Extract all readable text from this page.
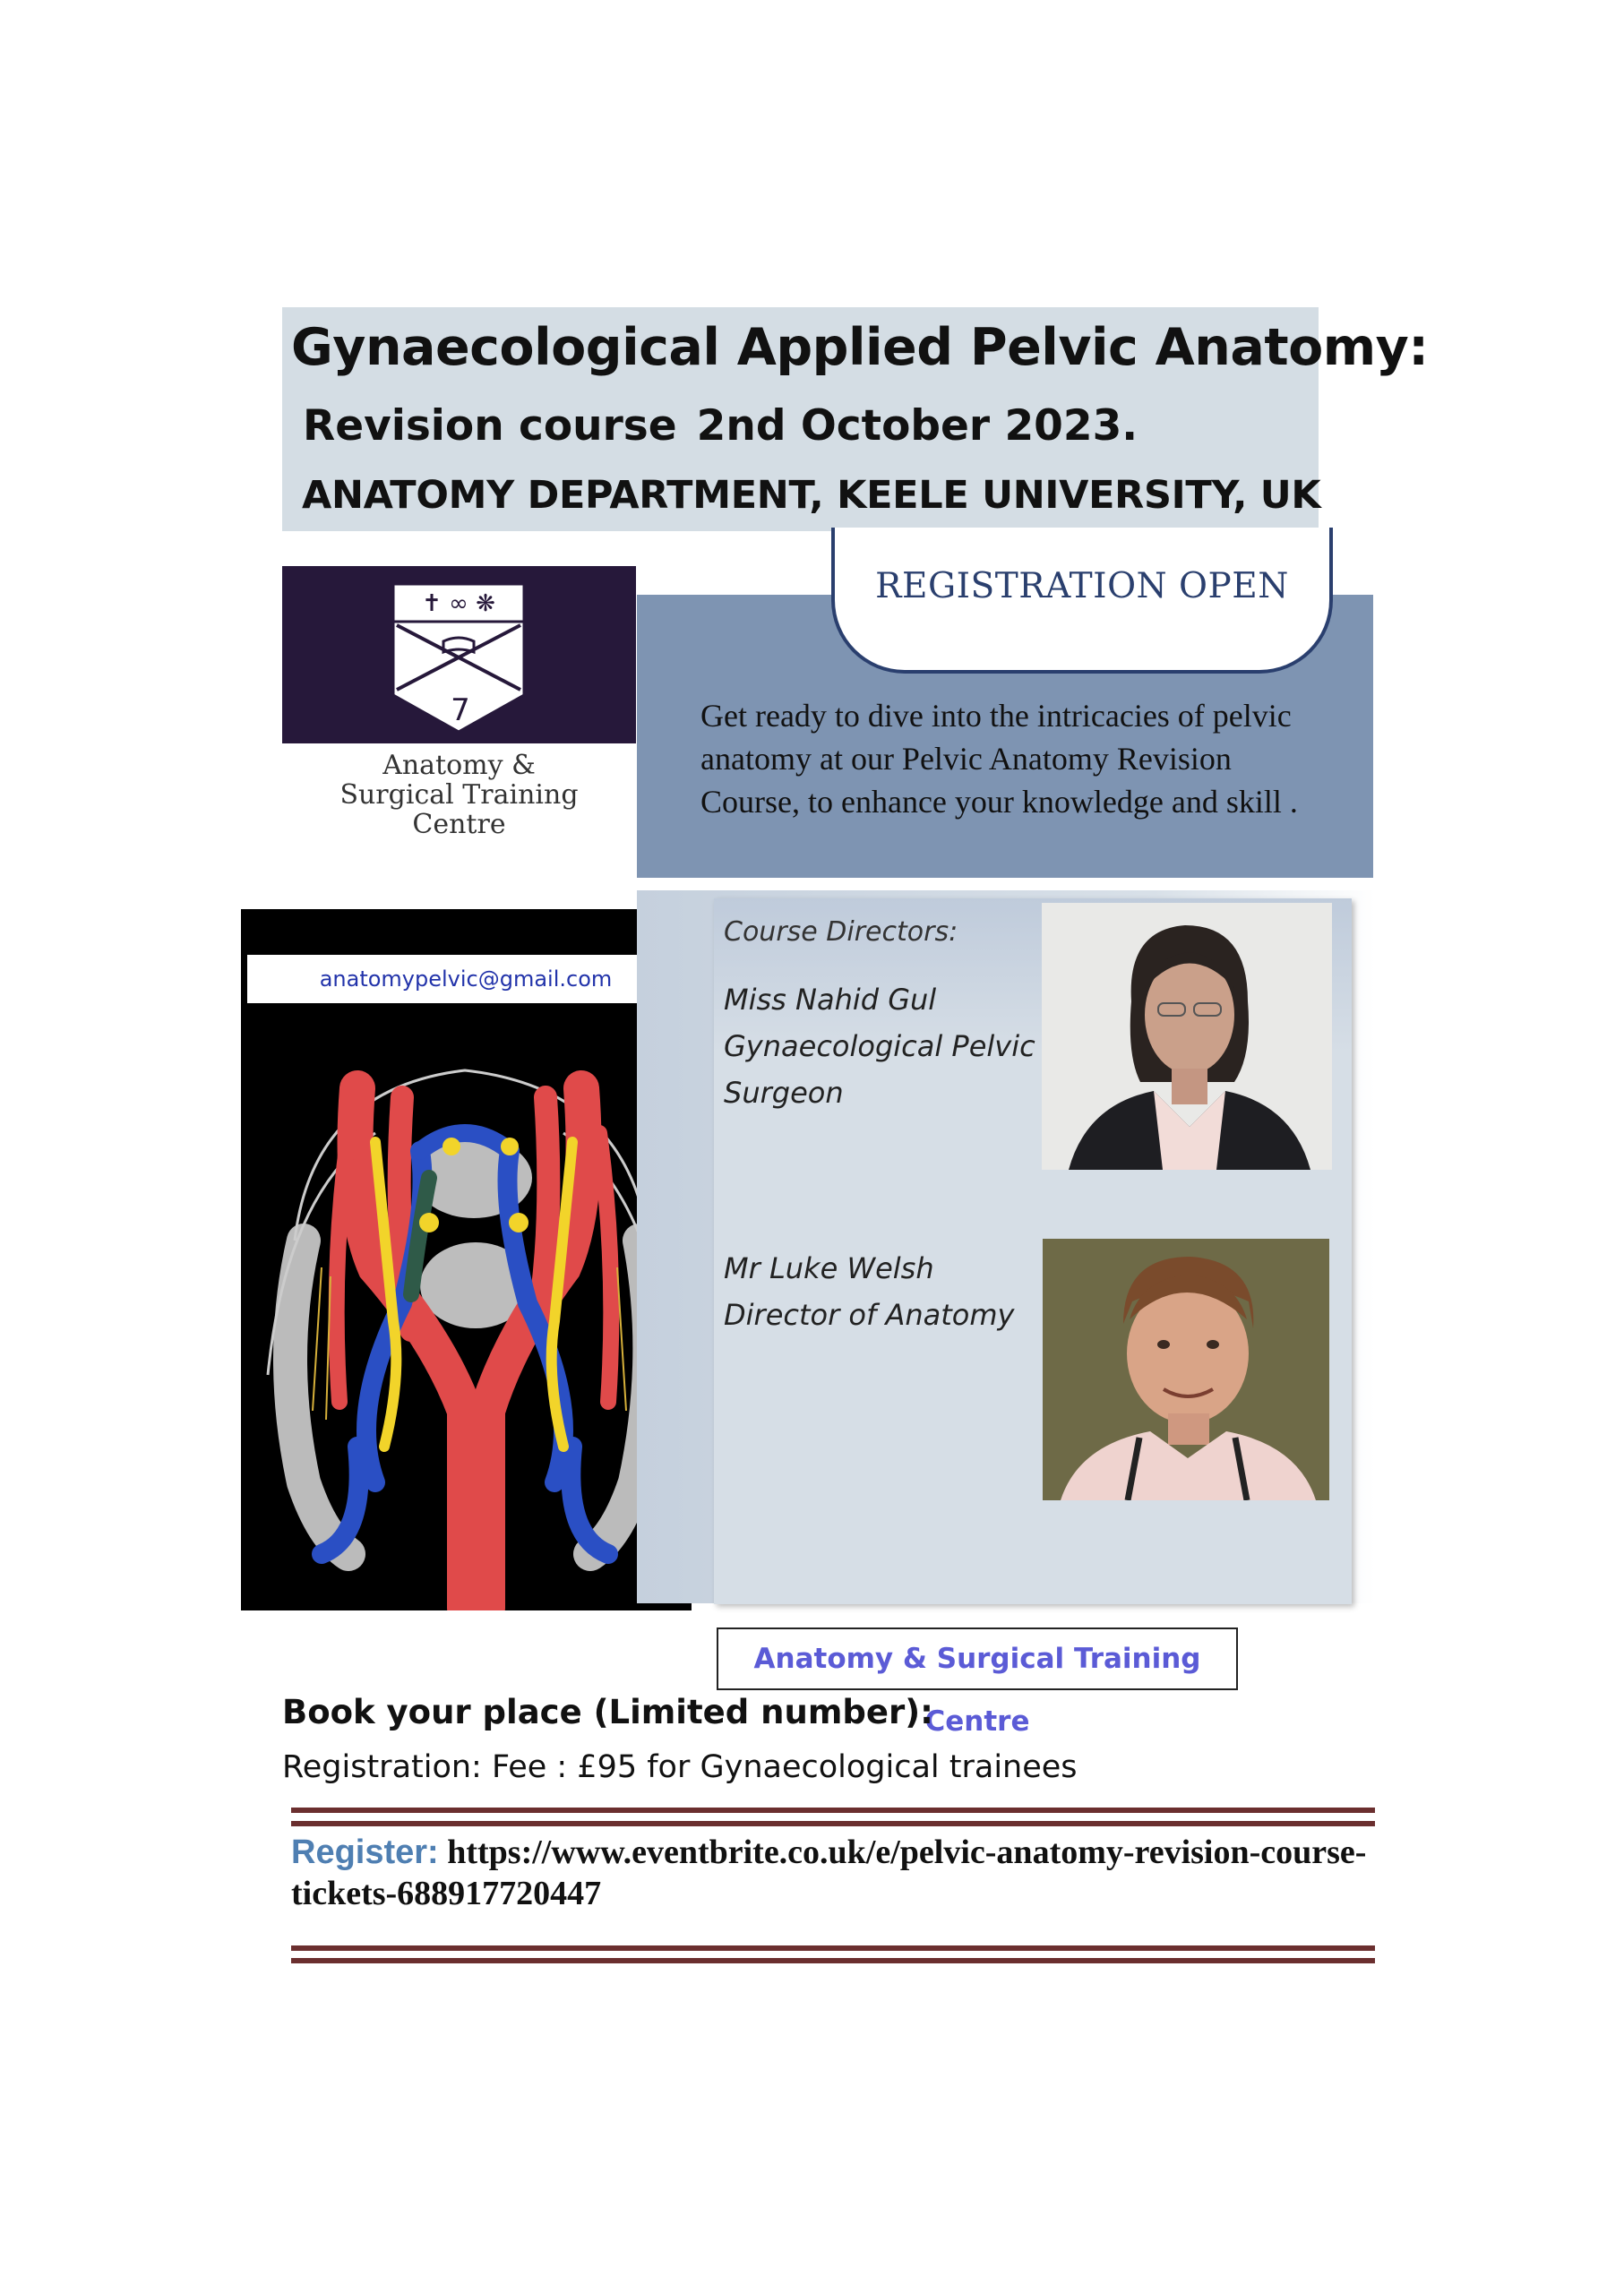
Gynaecological Applied Pelvic Anatomy:
Revision course 2nd October 2023.
ANATOMY DEPARTMENT, KEELE UNIVERSITY, UK
✝ ∞ ❋
7
Anatomy &
Surgical Training
Centre
REGISTRATION OPEN
Get ready to dive into the intricacies of pelvic anatomy at our Pelvic Anatomy Revision Course, to enhance your knowledge and skill .
anatomypelvic@gmail.com
Course Directors:
Miss Nahid Gul
Gynaecological Pelvic
Surgeon
Mr Luke Welsh
Director of Anatomy
Anatomy & Surgical Training Centre
Book your place (Limited number):
Registration: Fee : £95 for Gynaecological trainees
Register: https://www.eventbrite.co.uk/e/pelvic-anatomy-revision-course-tickets-688917720447
